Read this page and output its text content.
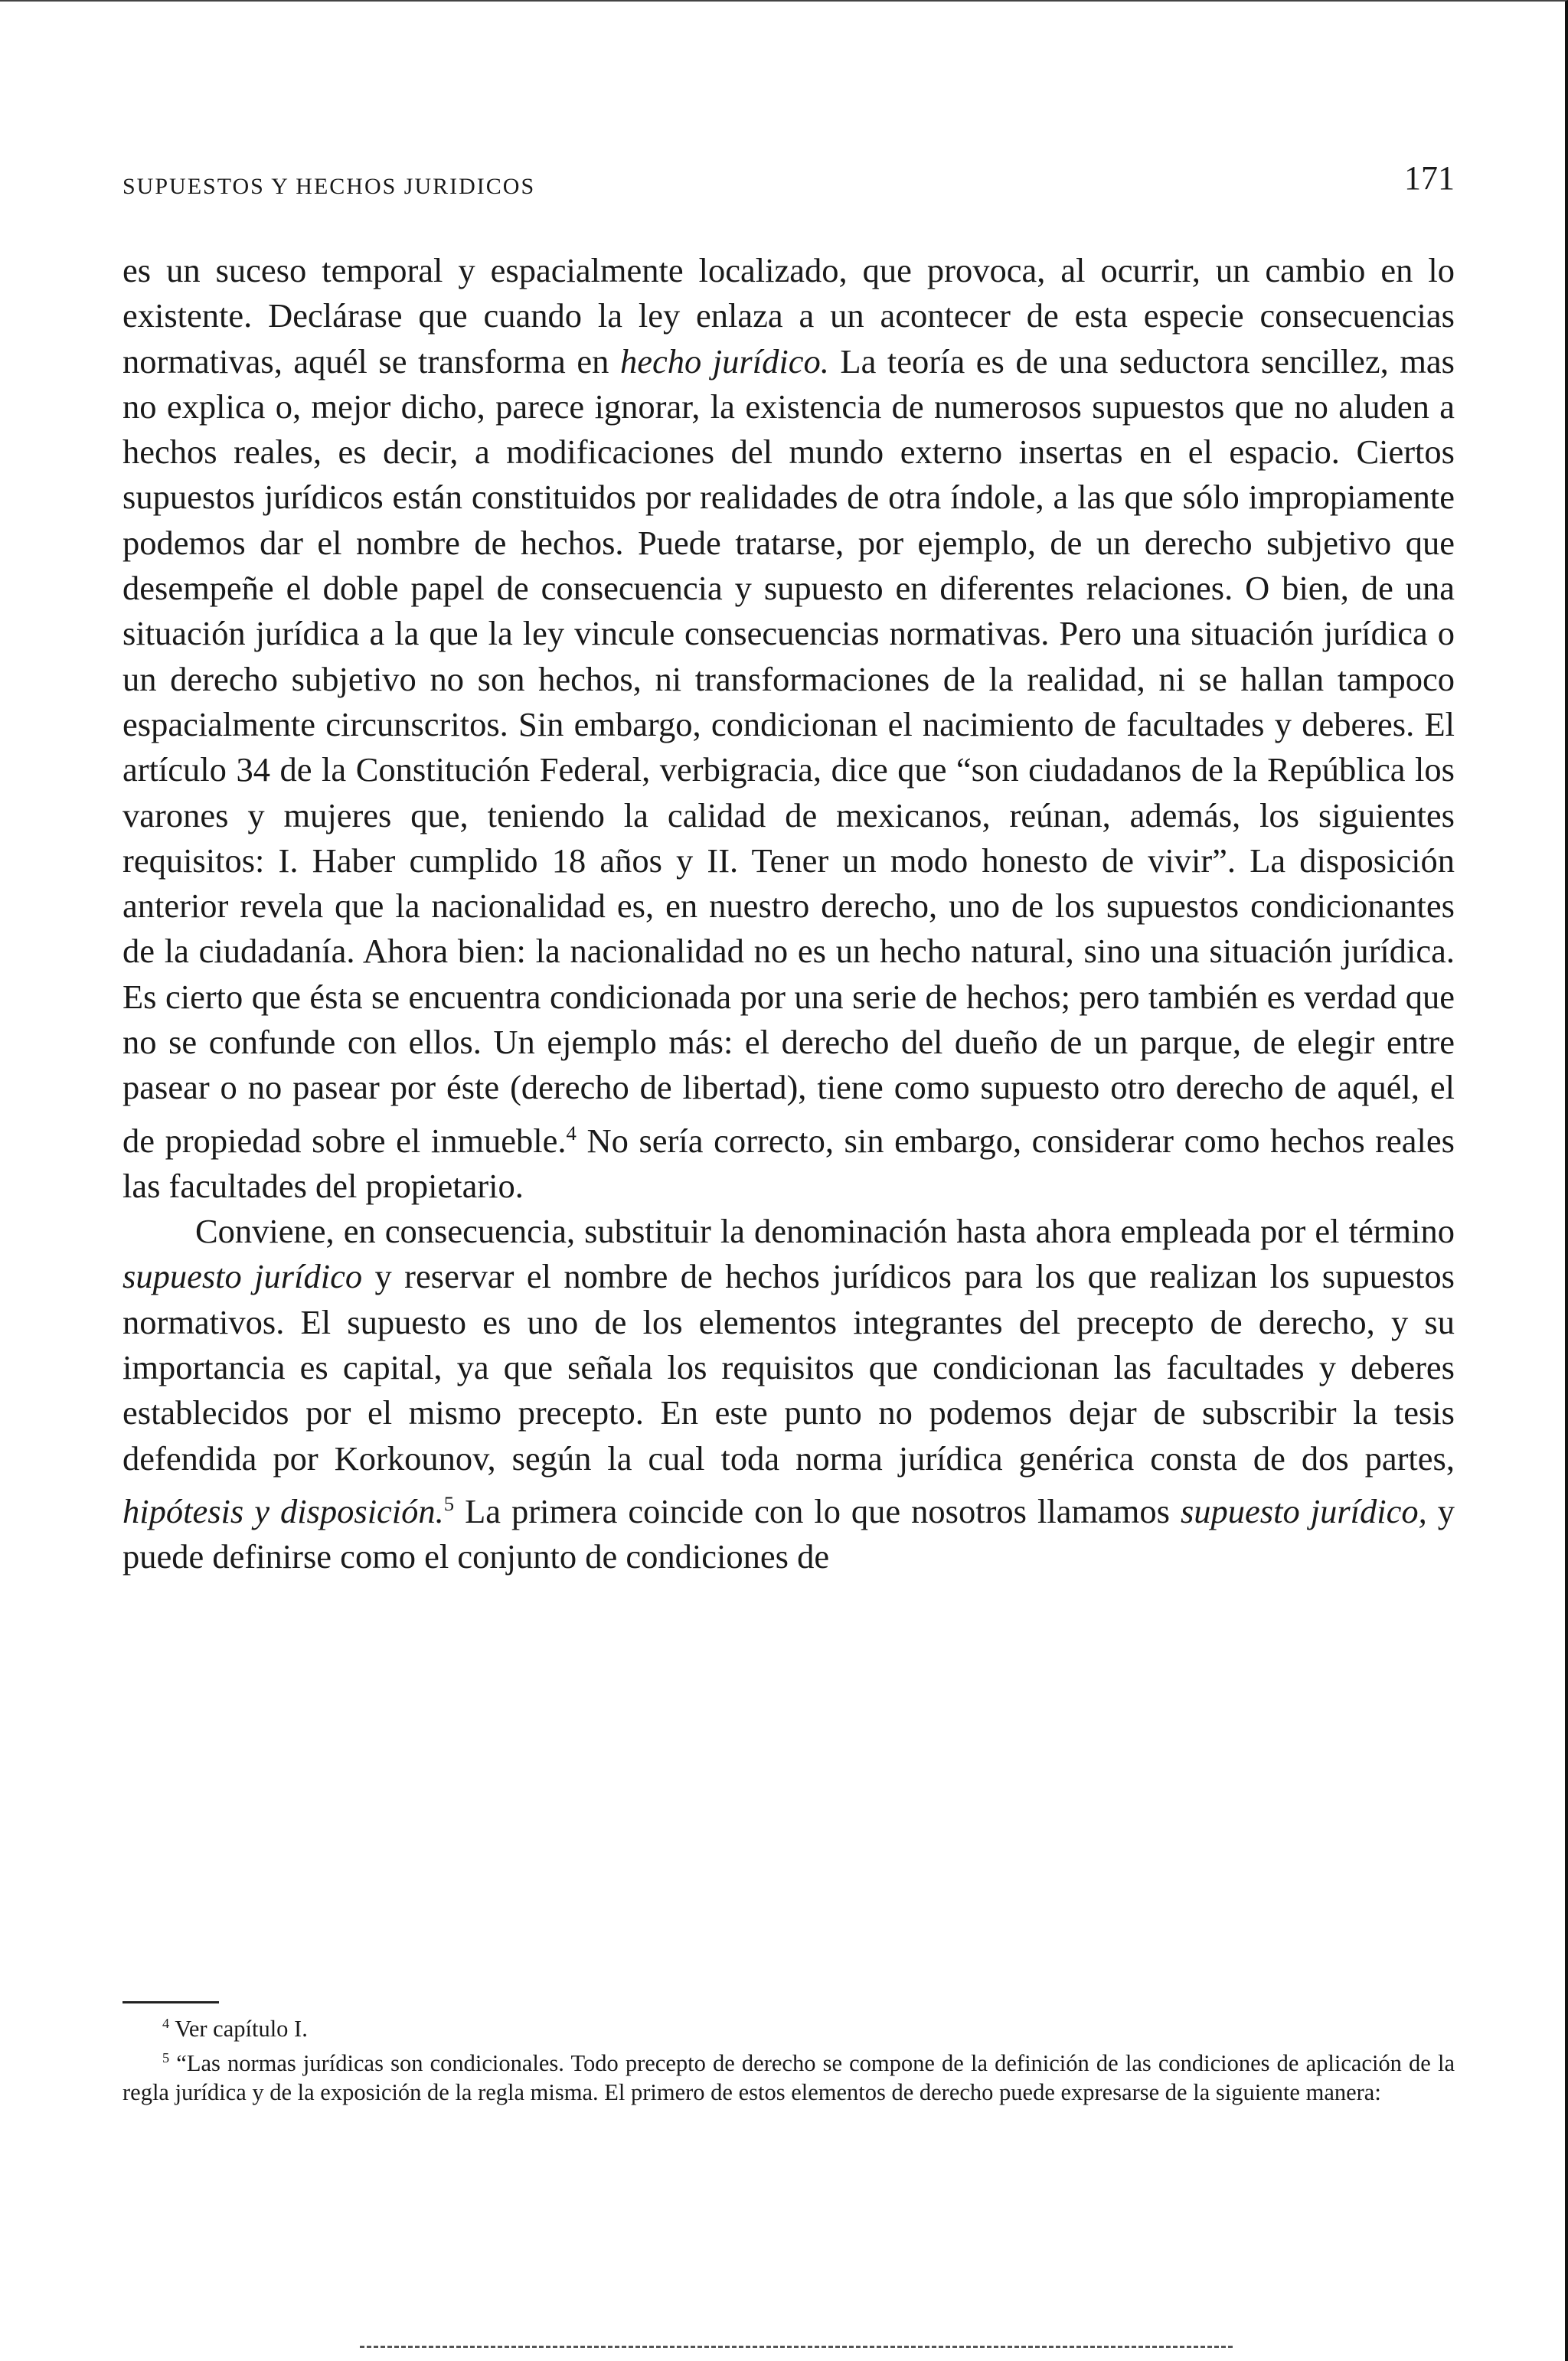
SUPUESTOS Y HECHOS JURIDICOS	171

es un suceso temporal y espacialmente localizado, que provoca, al ocurrir, un cambio en lo existente. Declárase que cuando la ley enlaza a un acontecer de esta especie consecuencias normativas, aquél se transforma en hecho jurídico. La teoría es de una seductora sencillez, mas no explica o, mejor dicho, parece ignorar, la existencia de numerosos supuestos que no aluden a hechos reales, es decir, a modificaciones del mundo externo insertas en el espacio. Ciertos supuestos jurídicos están constituidos por realidades de otra índole, a las que sólo impropiamente podemos dar el nombre de hechos. Puede tratarse, por ejemplo, de un derecho subjetivo que desempeñe el doble papel de consecuencia y supuesto en diferentes relaciones. O bien, de una situación jurídica a la que la ley vincule consecuencias normativas. Pero una situación jurídica o un derecho subjetivo no son hechos, ni transformaciones de la realidad, ni se hallan tampoco espacialmente circunscritos. Sin embargo, condicionan el nacimiento de facultades y deberes. El artículo 34 de la Constitución Federal, verbigracia, dice que “son ciudadanos de la República los varones y mujeres que, teniendo la calidad de mexicanos, reúnan, además, los siguientes requisitos: I. Haber cumplido 18 años y II. Tener un modo honesto de vivir”. La disposición anterior revela que la nacionalidad es, en nuestro derecho, uno de los supuestos condicionantes de la ciudadanía. Ahora bien: la nacionalidad no es un hecho natural, sino una situación jurídica. Es cierto que ésta se encuentra condicionada por una serie de hechos; pero también es verdad que no se confunde con ellos. Un ejemplo más: el derecho del dueño de un parque, de elegir entre pasear o no pasear por éste (derecho de libertad), tiene como supuesto otro derecho de aquél, el de propiedad sobre el inmueble.$^4$ No sería correcto, sin embargo, considerar como hechos reales las facultades del propietario.

Conviene, en consecuencia, substituir la denominación hasta ahora empleada por el término supuesto jurídico y reservar el nombre de hechos jurídicos para los que realizan los supuestos normativos. El supuesto es uno de los elementos integrantes del precepto de derecho, y su importancia es capital, ya que señala los requisitos que condicionan las facultades y deberes establecidos por el mismo precepto. En este punto no podemos dejar de subscribir la tesis defendida por Korkounov, según la cual toda norma jurídica genérica consta de dos partes, hipótesis y disposición.$^5$ La primera coincide con lo que nosotros llamamos supuesto jurídico, y puede definirse como el conjunto de condiciones de

$^4$ Ver capítulo I.

$^5$ “Las normas jurídicas son condicionales. Todo precepto de derecho se compone de la definición de las condiciones de aplicación de la regla jurídica y de la exposición de la regla misma. El primero de estos elementos de derecho puede expresarse de la siguiente manera:
